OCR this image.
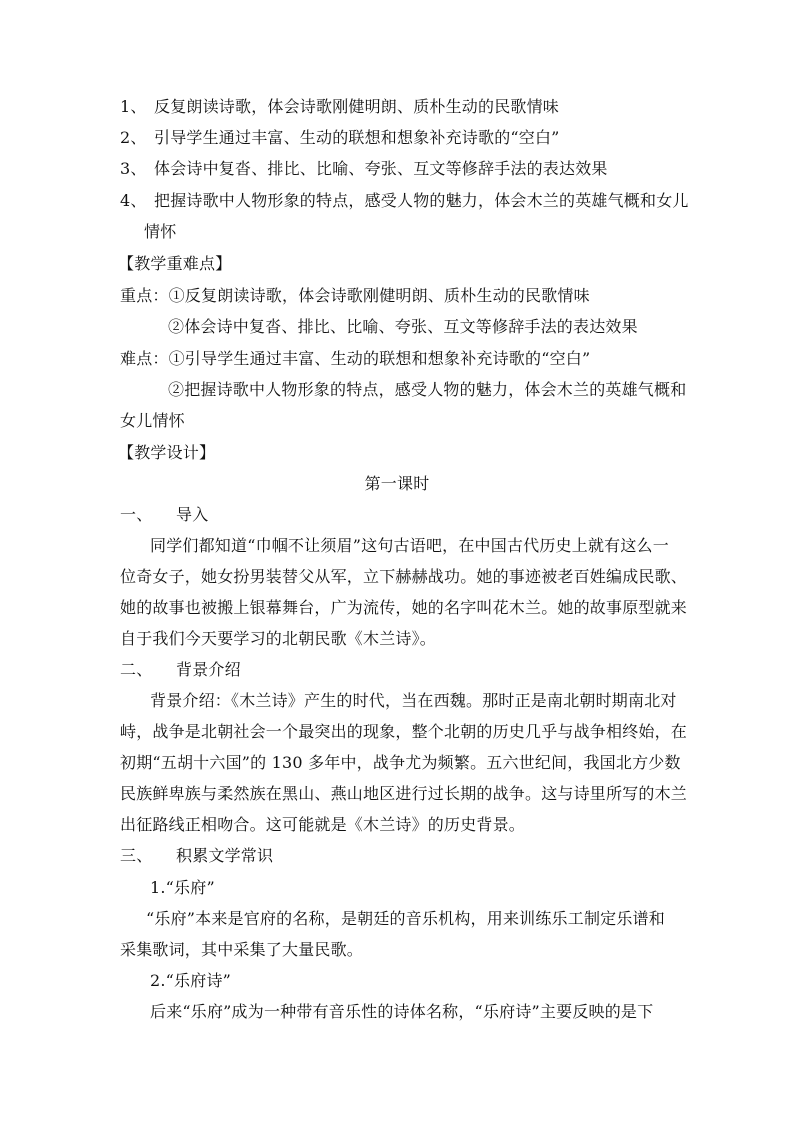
1、 反复朗读诗歌，体会诗歌刚健明朗、质朴生动的民歌情味
2、 引导学生通过丰富、生动的联想和想象补充诗歌的“空白”
3、 体会诗中复沓、排比、比喻、夸张、互文等修辞手法的表达效果
4、 把握诗歌中人物形象的特点，感受人物的魅力，体会木兰的英雄气概和女儿
情怀
【教学重难点】
重点：①反复朗读诗歌，体会诗歌刚健明朗、质朴生动的民歌情味
②体会诗中复沓、排比、比喻、夸张、互文等修辞手法的表达效果
难点：①引导学生通过丰富、生动的联想和想象补充诗歌的“空白”
②把握诗歌中人物形象的特点，感受人物的魅力，体会木兰的英雄气概和
女儿情怀
【教学设计】
第一课时
一、 导入
同学们都知道“巾帼不让须眉”这句古语吧，在中国古代历史上就有这么一
位奇女子，她女扮男装替父从军，立下赫赫战功。她的事迹被老百姓编成民歌、
她的故事也被搬上银幕舞台，广为流传，她的名字叫花木兰。她的故事原型就来
自于我们今天要学习的北朝民歌《木兰诗》。
二、 背景介绍
背景介绍：《木兰诗》产生的时代，当在西魏。那时正是南北朝时期南北对
峙，战争是北朝社会一个最突出的现象，整个北朝的历史几乎与战争相终始，在
初期“五胡十六国”的 130 多年中，战争尤为频繁。五六世纪间，我国北方少数
民族鲜卑族与柔然族在黑山、燕山地区进行过长期的战争。这与诗里所写的木兰
出征路线正相吻合。这可能就是《木兰诗》的历史背景。
三、 积累文学常识
1.“乐府”
“乐府”本来是官府的名称，是朝廷的音乐机构，用来训练乐工制定乐谱和
采集歌词，其中采集了大量民歌。
2.“乐府诗”
后来“乐府”成为一种带有音乐性的诗体名称，“乐府诗”主要反映的是下
